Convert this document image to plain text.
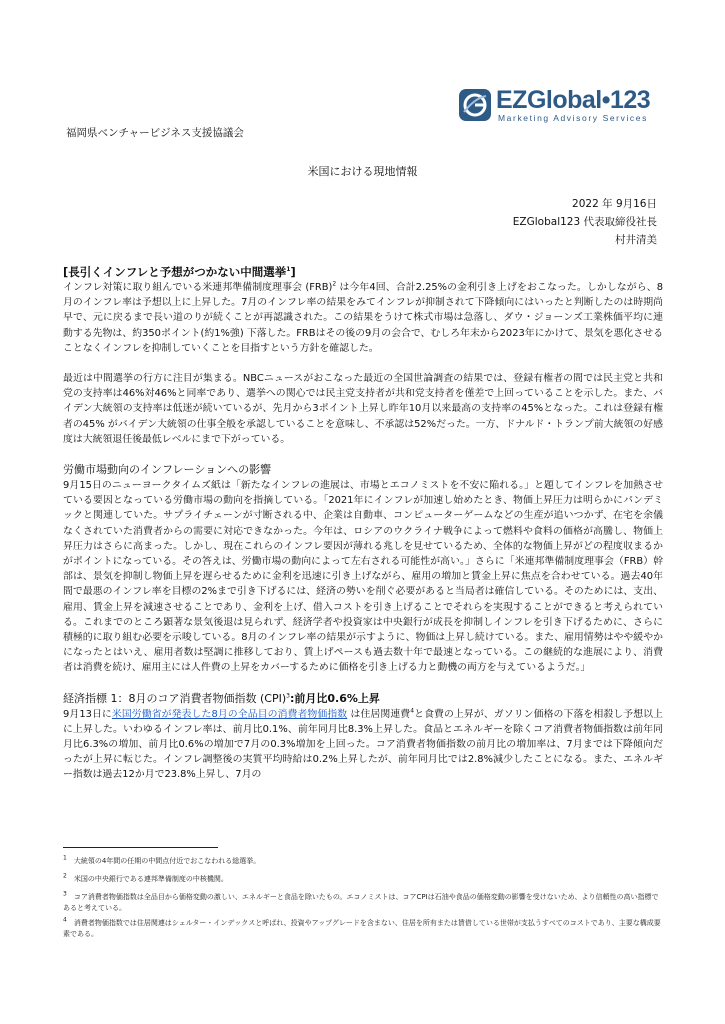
EZGlobal•123
Marketing Advisory Services
福岡県ベンチャービジネス支援協議会
米国における現地情報
2022 年 9月16日
EZGlobal123 代表取締役社長
村井清美

[長引くインフレと予想がつかない中間選挙$^1$]

インフレ対策に取り組んでいる米連邦準備制度理事会 (FRB)$^2$ は今年4回、合計2.25%の金利引き上げをおこなった。しかしながら、8月のインフレ率は予想以上に上昇した。7月のインフレ率の結果をみてインフレが抑制されて下降傾向にはいったと判断したのは時期尚早で、元に戻るまで長い道のりが続くことが再認識された。この結果をうけて株式市場は急落し、ダウ・ジョーンズ工業株価平均に連動する先物は、約350ポイント(約1%強) 下落した。FRBはその後の9月の会合で、むしろ年末から2023年にかけて、景気を悪化させることなくインフレを抑制していくことを目指すという方針を確認した。

最近は中間選挙の行方に注目が集まる。NBCニュースがおこなった最近の全国世論調査の結果では、登録有権者の間では民主党と共和党の支持率は46%対46%と同率であり、選挙への関心では民主党支持者が共和党支持者を僅差で上回っていることを示した。また、バイデン大統領の支持率は低迷が続いているが、先月から3ポイント上昇し昨年10月以来最高の支持率の45%となった。これは登録有権者の45% がバイデン大統領の仕事全般を承認していることを意味し、不承認は52%だった。一方、ドナルド・トランプ前大統領の好感度は大統領退任後最低レベルにまで下がっている。

労働市場動向のインフレーションへの影響

9月15日のニューヨークタイムズ紙は「新たなインフレの進展は、市場とエコノミストを不安に陥れる。」と題してインフレを加熱させている要因となっている労働市場の動向を指摘している。「2021年にインフレが加速し始めたとき、物価上昇圧力は明らかにパンデミックと関連していた。サプライチェーンが寸断される中、企業は自動車、コンピューターゲームなどの生産が追いつかず、在宅を余儀なくされていた消費者からの需要に対応できなかった。今年は、ロシアのウクライナ戦争によって燃料や食料の価格が高騰し、物価上昇圧力はさらに高まった。しかし、現在これらのインフレ要因が薄れる兆しを見せているため、全体的な物価上昇がどの程度収まるかがポイントになっている。その答えは、労働市場の動向によって左右される可能性が高い。」さらに「米連邦準備制度理事会（FRB）幹部は、景気を抑制し物価上昇を遅らせるために金利を迅速に引き上げながら、雇用の増加と賃金上昇に焦点を合わせている。過去40年間で最悪のインフレ率を目標の2%まで引き下げるには、経済の勢いを削ぐ必要があると当局者は確信している。そのためには、支出、雇用、賃金上昇を減速させることであり、金利を上げ、借入コストを引き上げることでそれらを実現することができると考えられている。これまでのところ顕著な景気後退は見られず、経済学者や投資家は中央銀行が成長を抑制しインフレを引き下げるために、さらに積極的に取り組む必要を示唆している。8月のインフレ率の結果が示すように、物価は上昇し続けている。また、雇用情勢はやや緩やかになったとはいえ、雇用者数は堅調に推移しており、賃上げペースも過去数十年で最速となっている。この継続的な進展により、消費者は消費を続け、雇用主には人件費の上昇をカバーするために価格を引き上げる力と動機の両方を与えているようだ。」

経済指標 1：8月のコア消費者物価指数 (CPI)$^3$:前月比0.6%上昇

9月13日に米国労働省が発表した8月の全品目の消費者物価指数 は住居関連費$^4$と食費の上昇が、ガソリン価格の下落を相殺し予想以上に上昇した。いわゆるインフレ率は、前月比0.1%、前年同月比8.3%上昇した。食品とエネルギーを除くコア消費者物価指数は前年同月比6.3%の増加、前月比0.6%の増加で7月の0.3%増加を上回った。コア消費者物価指数の前月比の増加率は、7月までは下降傾向だったが上昇に転じた。インフレ調整後の実質平均時給は0.2%上昇したが、前年同月比では2.8%減少したことになる。また、エネルギー指数は過去12か月で23.8%上昇し、7月の

$^1$　 大統領の4年間の任期の中間点付近でおこなわれる総選挙。
$^2$　 米国の中央銀行である連邦準備制度の中核機関。
$^3$　 コア消費者物価指数は全品目から価格変動の激しい、エネルギーと食品を除いたもの。エコノミストは、コアCPIは石油や食品の価格変動の影響を受けないため、より信頼性の高い指標であると考えている。
$^4$　 消費者物価指数では住居関連はシェルター・インデックスと呼ばれ、投資やアップグレードを含まない、住居を所有または賃借している世帯が支払うすべてのコストであり、主要な構成要素である。
